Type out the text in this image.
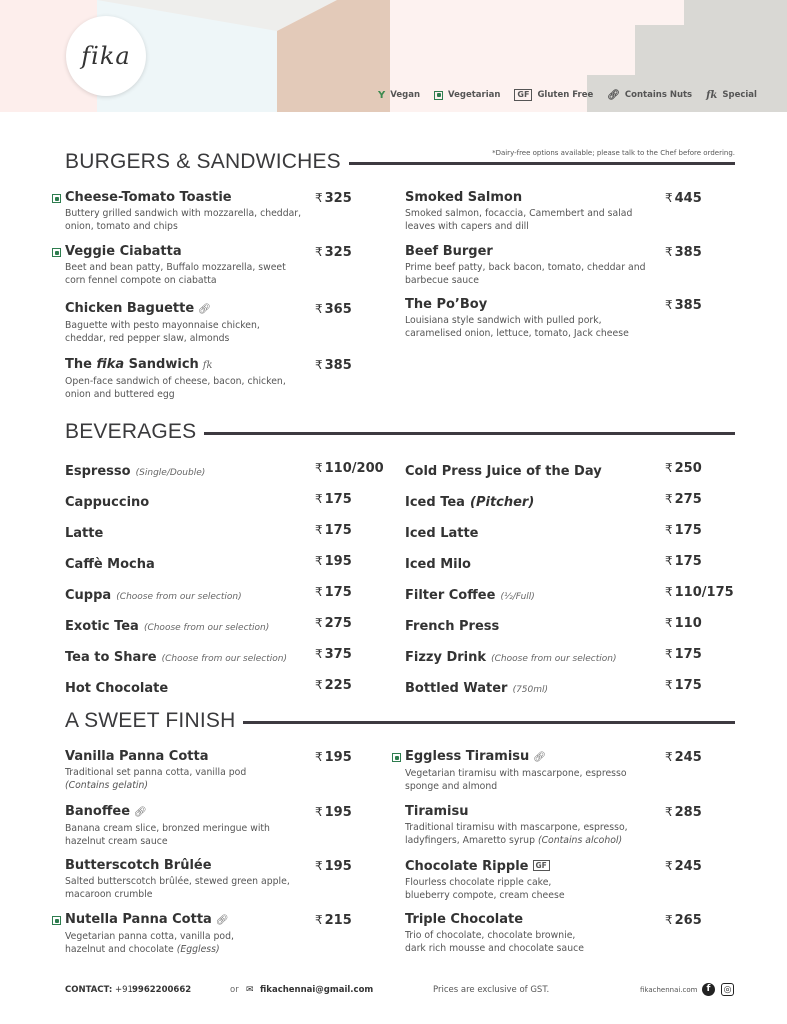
fika
Y Vegan	Vegetarian	GF Gluten Free 🔗︎ Contains Nuts fk Special
BURGERS & SANDWICHES	*Dairy-free options available; please talk to the Chef before ordering.
Cheese-Tomato Toastie
Buttery grilled sandwich with mozzarella, cheddar,
onion, tomato and chips
₹ 325
Veggie Ciabatta
Beet and bean patty, Buffalo mozzarella, sweet
corn fennel compote on ciabatta
₹ 325
Chicken Baguette 🔗︎
Baguette with pesto mayonnaise chicken,
cheddar, red pepper slaw, almonds
₹ 365
The fika Sandwich fk
Open-face sandwich of cheese, bacon, chicken,
onion and buttered egg
₹ 385
Smoked Salmon
Smoked salmon, focaccia, Camembert and salad
leaves with capers and dill
₹ 445
Beef Burger
Prime beef patty, back bacon, tomato, cheddar and
barbecue sauce
₹ 385
The Po’Boy
Louisiana style sandwich with pulled pork,
caramelised onion, lettuce, tomato, Jack cheese
₹ 385
BEVERAGES
Espresso (Single/Double)	₹ 110/200
Cappuccino	₹ 175
Latte	₹ 175
Caffè Mocha	₹ 195
Cuppa (Choose from our selection)	₹ 175
Exotic Tea (Choose from our selection)	₹ 275
Tea to Share (Choose from our selection) ₹ 375
Hot Chocolate	₹ 225
Cold Press Juice of the Day	₹ 250
Iced Tea (Pitcher)	₹ 275
Iced Latte	₹ 175
Iced Milo	₹ 175
Filter Coffee (½/Full)	₹ 110/175
French Press	₹ 110
Fizzy Drink (Choose from our selection)	₹ 175
Bottled Water (750ml)	₹ 175
A SWEET FINISH
Vanilla Panna Cotta
Traditional set panna cotta, vanilla pod
(Contains gelatin)
₹ 195
Banoffee 🔗︎
Banana cream slice, bronzed meringue with
hazelnut cream sauce
₹ 195
Butterscotch Brûlée
Salted butterscotch brûlée, stewed green apple,
macaroon crumble
₹ 195
Nutella Panna Cotta 🔗︎
Vegetarian panna cotta, vanilla pod,
hazelnut and chocolate (Eggless)
₹ 215
Eggless Tiramisu 🔗︎
Vegetarian tiramisu with mascarpone, espresso
sponge and almond
₹ 245
Tiramisu
Traditional tiramisu with mascarpone, espresso,
ladyfingers, Amaretto syrup (Contains alcohol)
₹ 285
Chocolate Ripple GF
Flourless chocolate ripple cake,
blueberry compote, cream cheese
₹ 245
Triple Chocolate
Trio of chocolate, chocolate brownie,
dark rich mousse and chocolate sauce
₹ 265
CONTACT: +91 9962200662	or ✉ fikachennai@gmail.com	Prices are exclusive of GST.	fikachennai.com	f	◎
